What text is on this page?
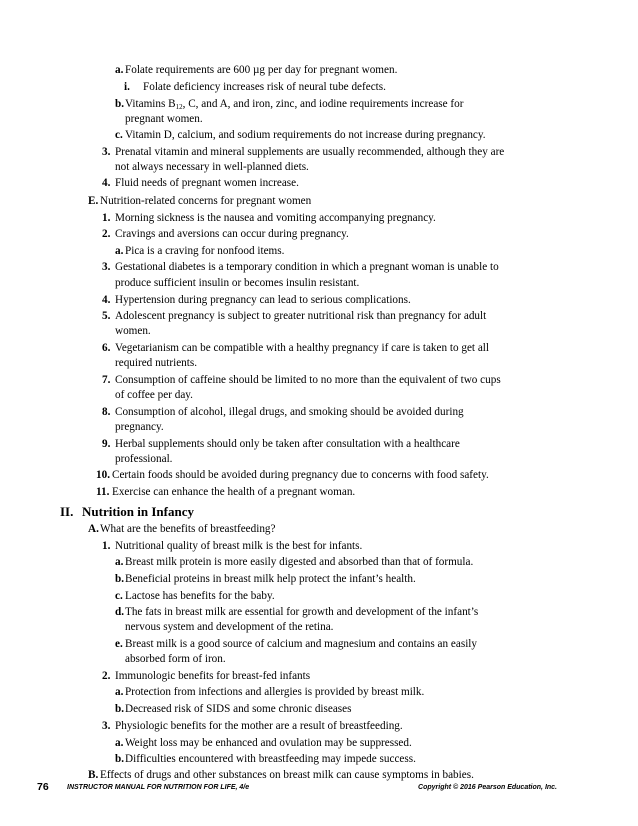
a. Folate requirements are 600 µg per day for pregnant women.
i. Folate deficiency increases risk of neural tube defects.
b. Vitamins $B_{12}$, C, and A, and iron, zinc, and iodine requirements increase for
pregnant women.
c. Vitamin D, calcium, and sodium requirements do not increase during pregnancy.
3. Prenatal vitamin and mineral supplements are usually recommended, although they are
not always necessary in well-planned diets.
4. Fluid needs of pregnant women increase.
E. Nutrition-related concerns for pregnant women
1. Morning sickness is the nausea and vomiting accompanying pregnancy.
2. Cravings and aversions can occur during pregnancy.
a. Pica is a craving for nonfood items.
3. Gestational diabetes is a temporary condition in which a pregnant woman is unable to
produce sufficient insulin or becomes insulin resistant.
4. Hypertension during pregnancy can lead to serious complications.
5. Adolescent pregnancy is subject to greater nutritional risk than pregnancy for adult
women.
6. Vegetarianism can be compatible with a healthy pregnancy if care is taken to get all
required nutrients.
7. Consumption of caffeine should be limited to no more than the equivalent of two cups
of coffee per day.
8. Consumption of alcohol, illegal drugs, and smoking should be avoided during
pregnancy.
9. Herbal supplements should only be taken after consultation with a healthcare
professional.
10. Certain foods should be avoided during pregnancy due to concerns with food safety.
11. Exercise can enhance the health of a pregnant woman.
II. Nutrition in Infancy
A. What are the benefits of breastfeeding?
1. Nutritional quality of breast milk is the best for infants.
a. Breast milk protein is more easily digested and absorbed than that of formula.
b. Beneficial proteins in breast milk help protect the infant’s health.
c. Lactose has benefits for the baby.
d. The fats in breast milk are essential for growth and development of the infant’s
nervous system and development of the retina.
e. Breast milk is a good source of calcium and magnesium and contains an easily
absorbed form of iron.
2. Immunologic benefits for breast-fed infants
a. Protection from infections and allergies is provided by breast milk.
b. Decreased risk of SIDS and some chronic diseases
3. Physiologic benefits for the mother are a result of breastfeeding.
a. Weight loss may be enhanced and ovulation may be suppressed.
b. Difficulties encountered with breastfeeding may impede success.
B. Effects of drugs and other substances on breast milk can cause symptoms in babies.
76	INSTRUCTOR MANUAL FOR NUTRITION FOR LIFE, 4/e	Copyright © 2016 Pearson Education, Inc.
